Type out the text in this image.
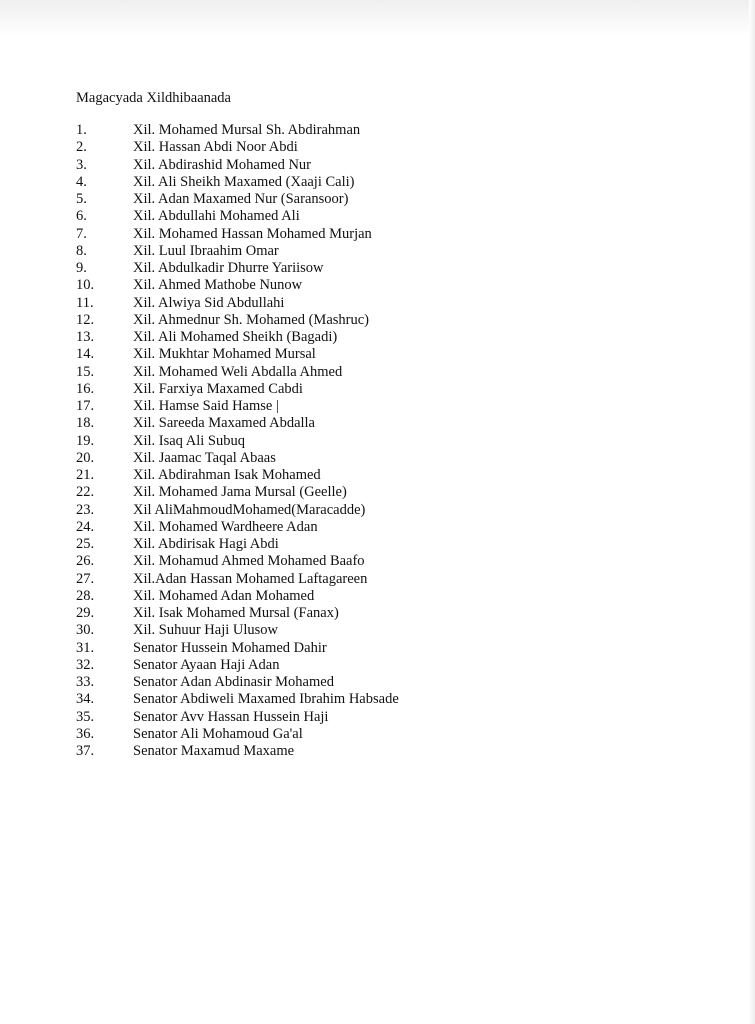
Magacyada Xildhibaanada
1.	Xil. Mohamed Mursal Sh. Abdirahman
2.	Xil. Hassan Abdi Noor Abdi
3.	Xil. Abdirashid Mohamed Nur
4.	Xil. Ali Sheikh Maxamed (Xaaji Cali)
5.	Xil. Adan Maxamed Nur (Saransoor)
6.	Xil. Abdullahi Mohamed Ali
7.	Xil. Mohamed Hassan Mohamed Murjan
8.	Xil. Luul Ibraahim Omar
9.	Xil. Abdulkadir Dhurre Yariisow
10.	Xil. Ahmed Mathobe Nunow
11.	Xil. Alwiya Sid Abdullahi
12.	Xil. Ahmednur Sh. Mohamed (Mashruc)
13.	Xil. Ali Mohamed Sheikh (Bagadi)
14.	Xil. Mukhtar Mohamed Mursal
15.	Xil. Mohamed Weli Abdalla Ahmed
16.	Xil. Farxiya Maxamed Cabdi
17.	Xil. Hamse Said Hamse |
18.	Xil. Sareeda Maxamed Abdalla
19.	Xil. Isaq Ali Subuq
20.	Xil. Jaamac Taqal Abaas
21.	Xil. Abdirahman Isak Mohamed
22.	Xil. Mohamed Jama Mursal (Geelle)
23.	Xil AliMahmoudMohamed(Maracadde)
24.	Xil. Mohamed Wardheere Adan
25.	Xil. Abdirisak Hagi Abdi
26.	Xil. Mohamud Ahmed Mohamed Baafo
27.	Xil.Adan Hassan Mohamed Laftagareen
28.	Xil. Mohamed Adan Mohamed
29.	Xil. Isak Mohamed Mursal (Fanax)
30.	Xil. Suhuur Haji Ulusow
31.	Senator Hussein Mohamed Dahir
32.	Senator Ayaan Haji Adan
33.	Senator Adan Abdinasir Mohamed
34.	Senator Abdiweli Maxamed Ibrahim Habsade
35.	Senator Avv Hassan Hussein Haji
36.	Senator Ali Mohamoud Ga'al
37.	Senator Maxamud Maxame
